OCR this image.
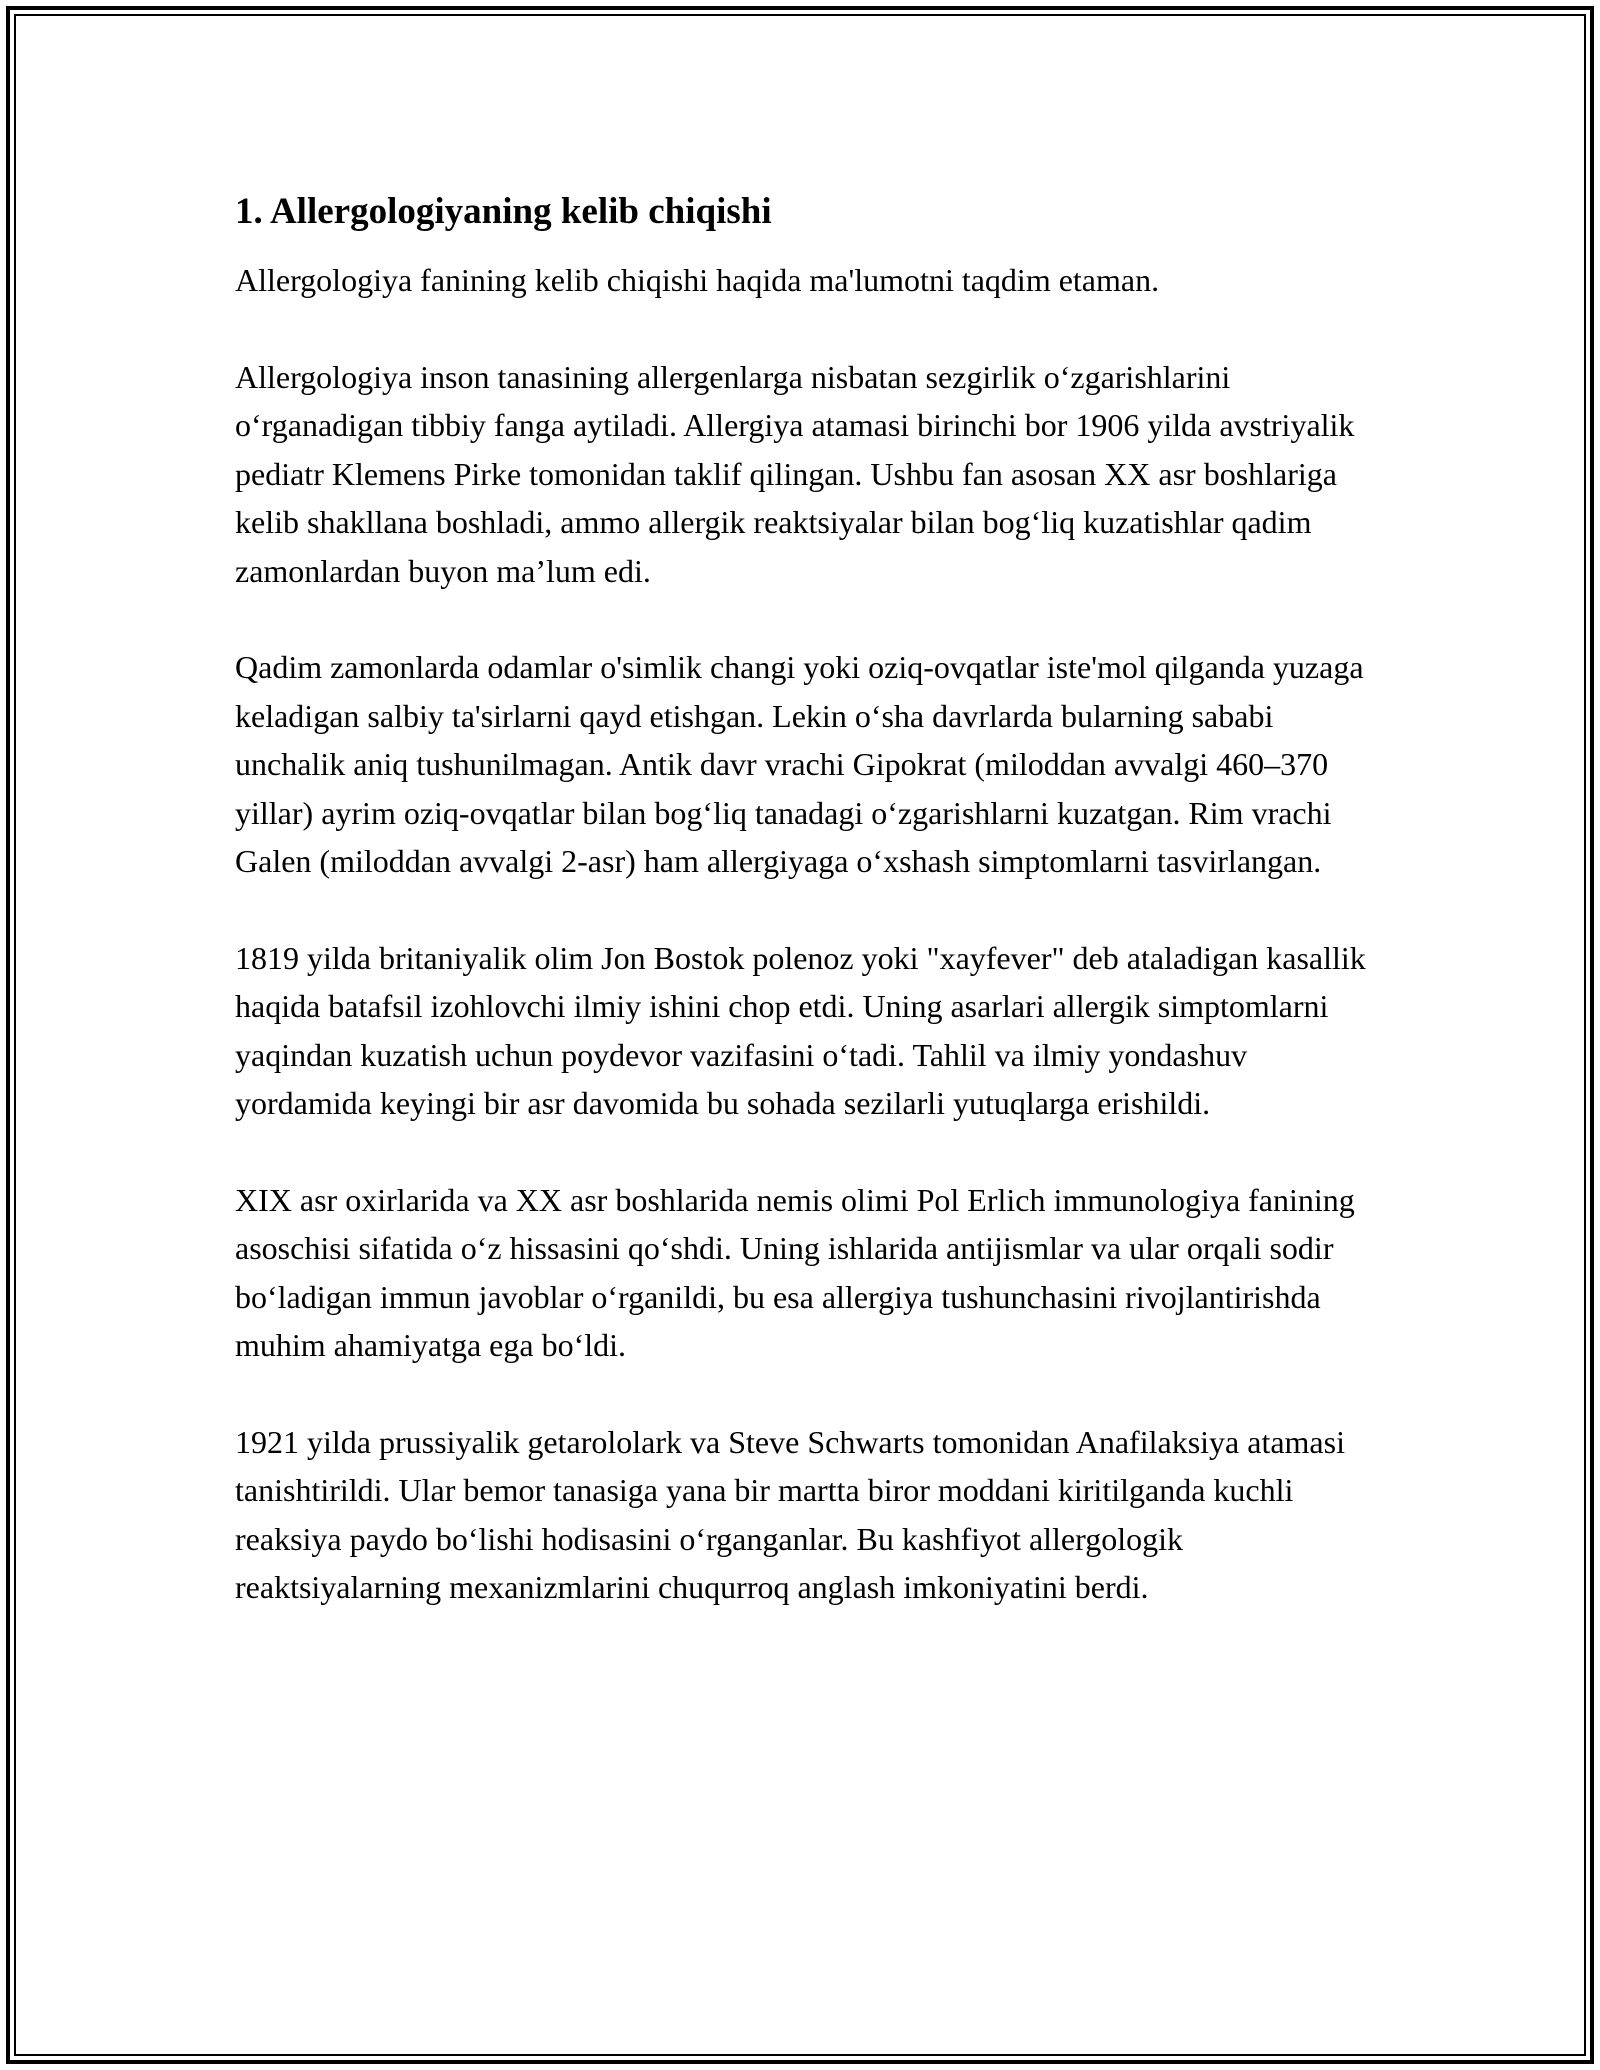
1. Allergologiyaning kelib chiqishi

Allergologiya fanining kelib chiqishi haqida ma'lumotni taqdim etaman.

Allergologiya inson tanasining allergenlarga nisbatan sezgirlik o‘zgarishlarini o‘rganadigan tibbiy fanga aytiladi. Allergiya atamasi birinchi bor 1906 yilda avstriyalik pediatr Klemens Pirke tomonidan taklif qilingan. Ushbu fan asosan XX asr boshlariga kelib shakllana boshladi, ammo allergik reaktsiyalar bilan bog‘liq kuzatishlar qadim zamonlardan buyon ma’lum edi.

Qadim zamonlarda odamlar o'simlik changi yoki oziq-ovqatlar iste'mol qilganda yuzaga keladigan salbiy ta'sirlarni qayd etishgan. Lekin o‘sha davrlarda bularning sababi unchalik aniq tushunilmagan. Antik davr vrachi Gipokrat (miloddan avvalgi 460–370 yillar) ayrim oziq-ovqatlar bilan bog‘liq tanadagi o‘zgarishlarni kuzatgan. Rim vrachi Galen (miloddan avvalgi 2-asr) ham allergiyaga o‘xshash simptomlarni tasvirlangan.

1819 yilda britaniyalik olim Jon Bostok polenoz yoki "xayfever" deb ataladigan kasallik haqida batafsil izohlovchi ilmiy ishini chop etdi. Uning asarlari allergik simptomlarni yaqindan kuzatish uchun poydevor vazifasini o‘tadi. Tahlil va ilmiy yondashuv yordamida keyingi bir asr davomida bu sohada sezilarli yutuqlarga erishildi.

XIX asr oxirlarida va XX asr boshlarida nemis olimi Pol Erlich immunologiya fanining asoschisi sifatida o‘z hissasini qo‘shdi. Uning ishlarida antijismlar va ular orqali sodir bo‘ladigan immun javoblar o‘rganildi, bu esa allergiya tushunchasini rivojlantirishda muhim ahamiyatga ega bo‘ldi.

1921 yilda prussiyalik getarololark va Steve Schwarts tomonidan Anafilaksiya atamasi tanishtirildi. Ular bemor tanasiga yana bir martta biror moddani kiritilganda kuchli reaksiya paydo bo‘lishi hodisasini o‘rganganlar. Bu kashfiyot allergologik reaktsiyalarning mexanizmlarini chuqurroq anglash imkoniyatini berdi.
